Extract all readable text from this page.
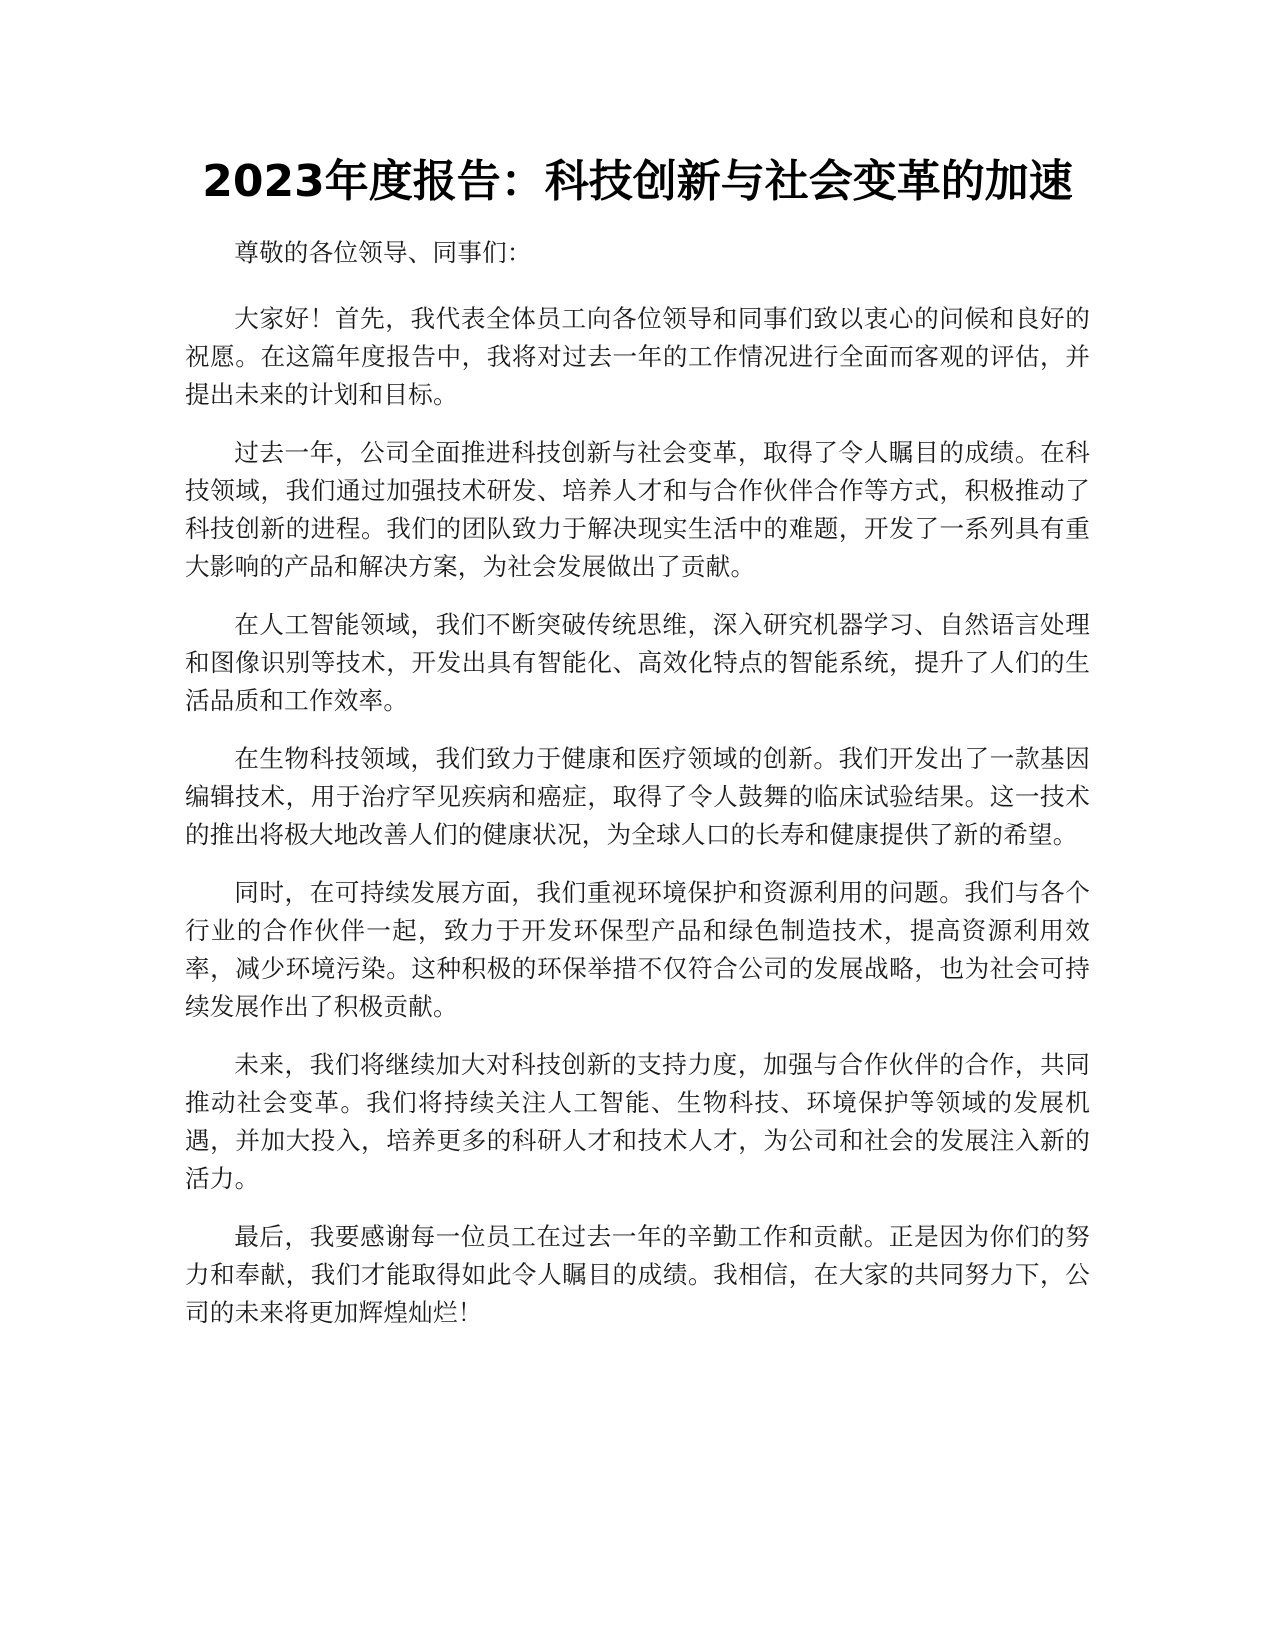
2023年度报告：科技创新与社会变革的加速

尊敬的各位领导、同事们：

大家好！首先，我代表全体员工向各位领导和同事们致以衷心的问候和良好的祝愿。在这篇年度报告中，我将对过去一年的工作情况进行全面而客观的评估，并提出未来的计划和目标。

过去一年，公司全面推进科技创新与社会变革，取得了令人瞩目的成绩。在科技领域，我们通过加强技术研发、培养人才和与合作伙伴合作等方式，积极推动了科技创新的进程。我们的团队致力于解决现实生活中的难题，开发了一系列具有重大影响的产品和解决方案，为社会发展做出了贡献。

在人工智能领域，我们不断突破传统思维，深入研究机器学习、自然语言处理和图像识别等技术，开发出具有智能化、高效化特点的智能系统，提升了人们的生活品质和工作效率。

在生物科技领域，我们致力于健康和医疗领域的创新。我们开发出了一款基因编辑技术，用于治疗罕见疾病和癌症，取得了令人鼓舞的临床试验结果。这一技术的推出将极大地改善人们的健康状况，为全球人口的长寿和健康提供了新的希望。

同时，在可持续发展方面，我们重视环境保护和资源利用的问题。我们与各个行业的合作伙伴一起，致力于开发环保型产品和绿色制造技术，提高资源利用效率，减少环境污染。这种积极的环保举措不仅符合公司的发展战略，也为社会可持续发展作出了积极贡献。

未来，我们将继续加大对科技创新的支持力度，加强与合作伙伴的合作，共同推动社会变革。我们将持续关注人工智能、生物科技、环境保护等领域的发展机遇，并加大投入，培养更多的科研人才和技术人才，为公司和社会的发展注入新的活力。

最后，我要感谢每一位员工在过去一年的辛勤工作和贡献。正是因为你们的努力和奉献，我们才能取得如此令人瞩目的成绩。我相信，在大家的共同努力下，公司的未来将更加辉煌灿烂！
